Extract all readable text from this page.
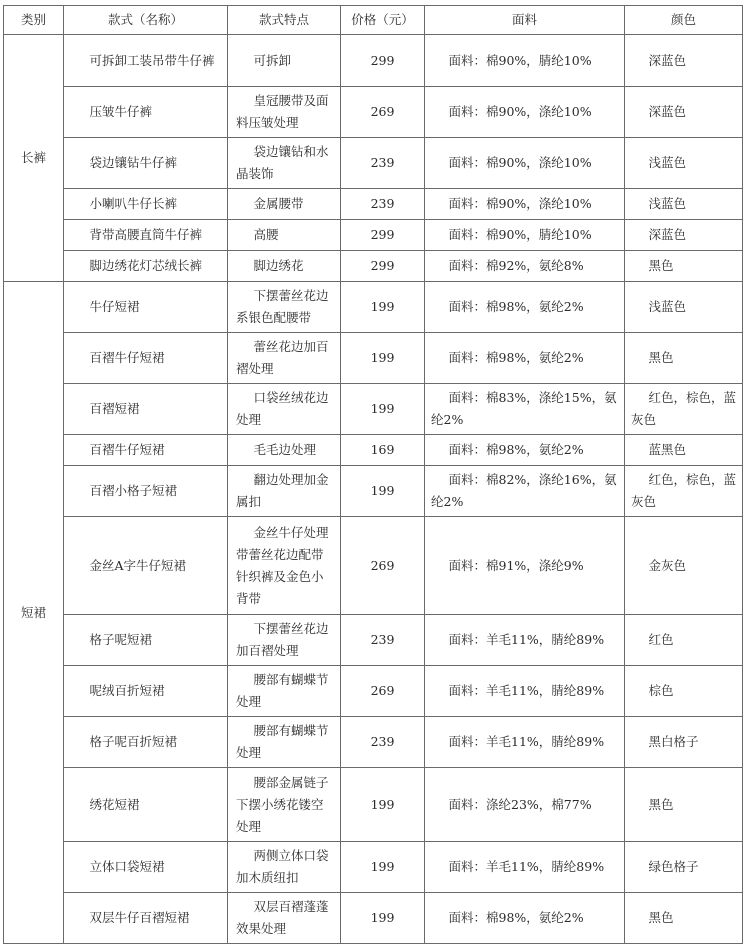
类别	款式（名称）	款式特点	价格（元）	面料	颜色
长裤	可拆卸工装吊带牛仔裤	可拆卸	299	面料：棉90%，腈纶10%	深蓝色
	压皱牛仔裤	皇冠腰带及面料压皱处理	269	面料：棉90%，涤纶10%	深蓝色
	袋边镶钻牛仔裤	袋边镶钻和水晶装饰	239	面料：棉90%，涤纶10%	浅蓝色
	小喇叭牛仔长裤	金属腰带	239	面料：棉90%，涤纶10%	浅蓝色
	背带高腰直筒牛仔裤	高腰	299	面料：棉90%，腈纶10%	深蓝色
	脚边绣花灯芯绒长裤	脚边绣花	299	面料：棉92%，氨纶8%	黑色
短裙	牛仔短裙	下摆蕾丝花边系银色配腰带	199	面料：棉98%，氨纶2%	浅蓝色
	百褶牛仔短裙	蕾丝花边加百褶处理	199	面料：棉98%，氨纶2%	黑色
	百褶短裙	口袋丝绒花边处理	199	面料：棉83%，涤纶15%，氨纶2%	红色，棕色，蓝灰色
	百褶牛仔短裙	毛毛边处理	169	面料：棉98%，氨纶2%	蓝黑色
	百褶小格子短裙	翻边处理加金属扣	199	面料：棉82%，涤纶16%，氨纶2%	红色，棕色，蓝灰色
	金丝A字牛仔短裙	金丝牛仔处理带蕾丝花边配带针织裤及金色小背带	269	面料：棉91%，涤纶9%	金灰色
	格子呢短裙	下摆蕾丝花边加百褶处理	239	面料：羊毛11%，腈纶89%	红色
	呢绒百折短裙	腰部有蝴蝶节处理	269	面料：羊毛11%，腈纶89%	棕色
	格子呢百折短裙	腰部有蝴蝶节处理	239	面料：羊毛11%，腈纶89%	黑白格子
	绣花短裙	腰部金属链子下摆小绣花镂空处理	199	面料：涤纶23%，棉77%	黑色
	立体口袋短裙	两侧立体口袋加木质纽扣	199	面料：羊毛11%，腈纶89%	绿色格子
	双层牛仔百褶短裙	双层百褶蓬蓬效果处理	199	面料：棉98%，氨纶2%	黑色
